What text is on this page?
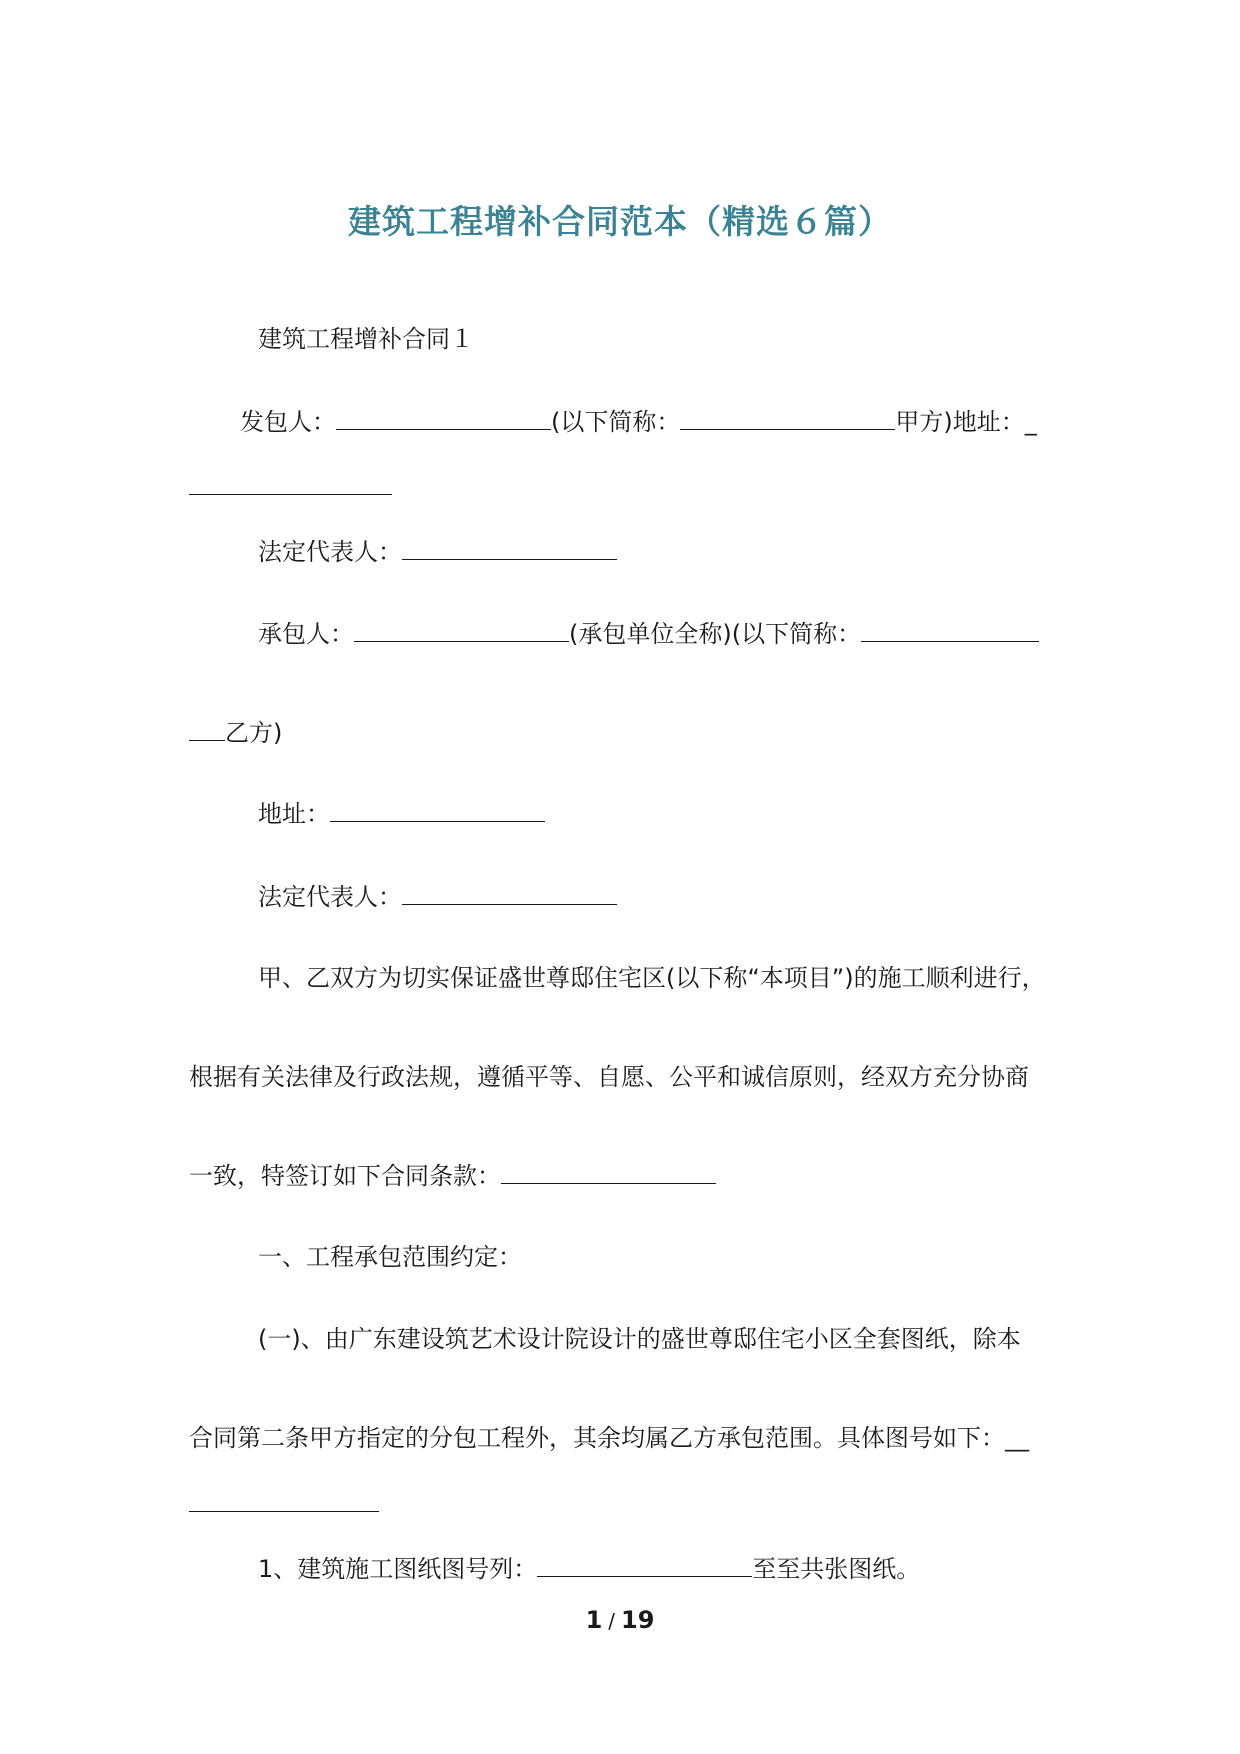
建筑工程增补合同范本（精选６篇）
建筑工程增补合同１
发包人：	(以下简称：	甲方)地址：_
法定代表人：
承包人：	(承包单位全称)(以下简称：
乙方)
地址：
法定代表人：
甲、乙双方为切实保证盛世尊邸住宅区(以下称“本项目”)的施工顺利进行，
根据有关法律及行政法规，遵循平等、自愿、公平和诚信原则，经双方充分协商
一致，特签订如下合同条款：
一、工程承包范围约定：
(一)、由广东建设筑艺术设计院设计的盛世尊邸住宅小区全套图纸，除本
合同第二条甲方指定的分包工程外，其余均属乙方承包范围。具体图号如下：__
1、建筑施工图纸图号列：	至至共张图纸。
1 / 19
